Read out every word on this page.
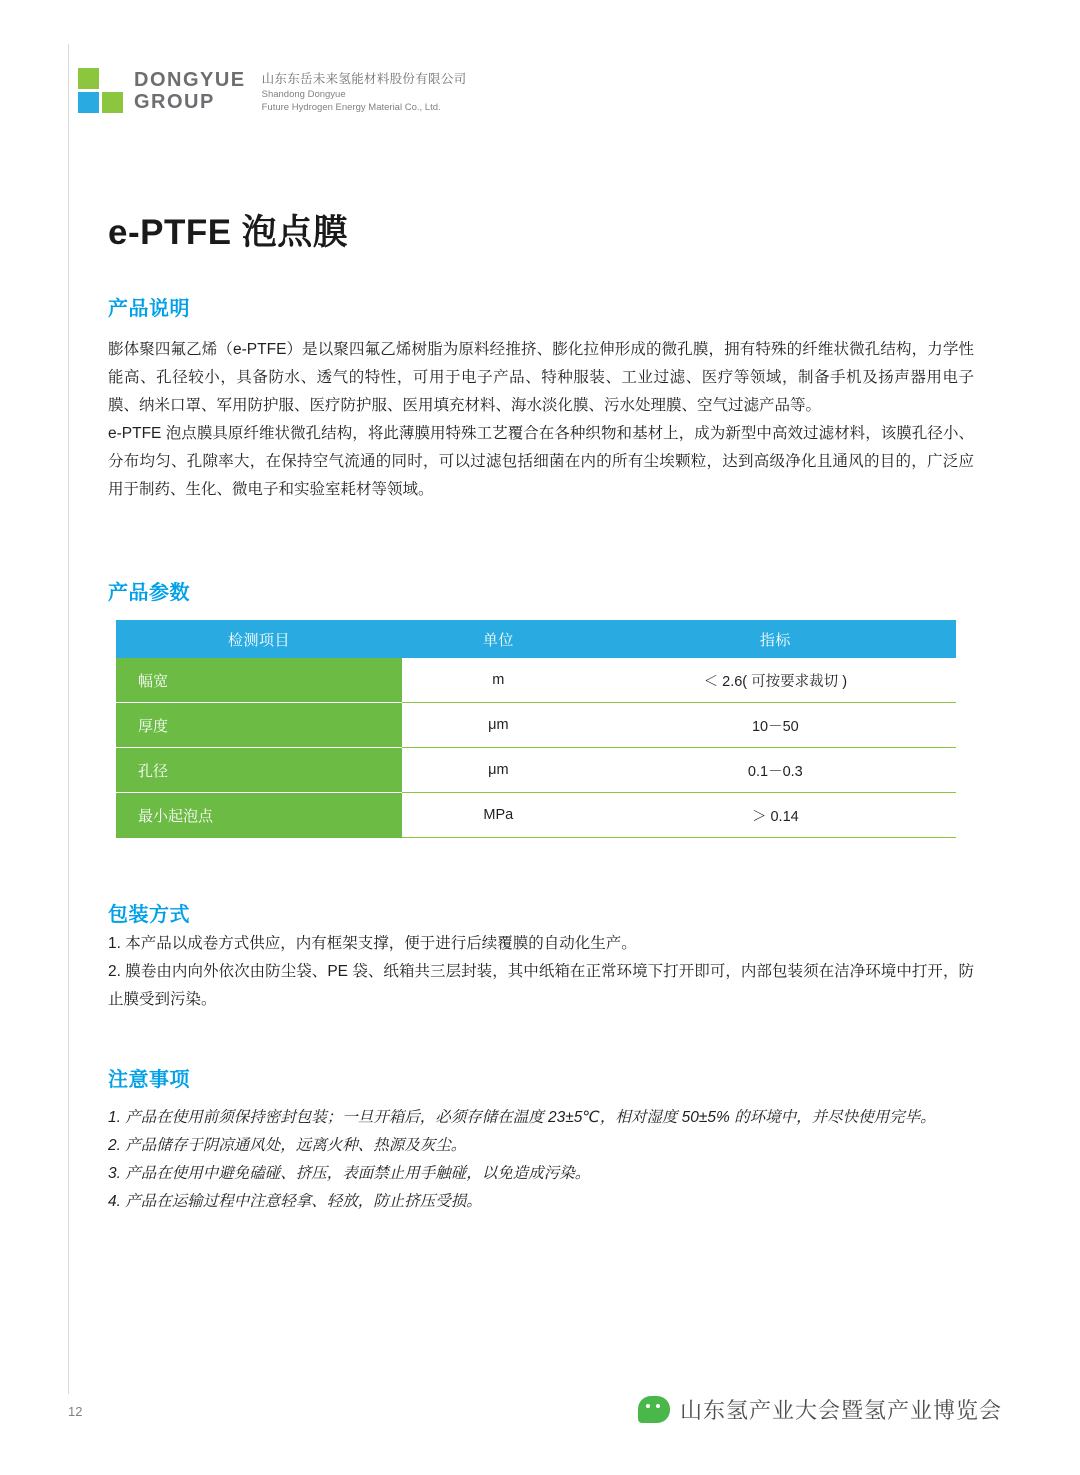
DONGYUE
GROUP
山东东岳未来氢能材料股份有限公司
Shandong Dongyue
Future Hydrogen Energy Material Co., Ltd.
e-PTFE 泡点膜
产品说明
膨体聚四氟乙烯（e-PTFE）是以聚四氟乙烯树脂为原料经推挤、膨化拉伸形成的微孔膜，拥有特殊的纤维状微孔结构，力学性能高、孔径较小，具备防水、透气的特性，可用于电子产品、特种服装、工业过滤、医疗等领域，制备手机及扬声器用电子膜、纳米口罩、军用防护服、医疗防护服、医用填充材料、海水淡化膜、污水处理膜、空气过滤产品等。
e-PTFE 泡点膜具原纤维状微孔结构，将此薄膜用特殊工艺覆合在各种织物和基材上，成为新型中高效过滤材料，该膜孔径小、分布均匀、孔隙率大，在保持空气流通的同时，可以过滤包括细菌在内的所有尘埃颗粒，达到高级净化且通风的目的，广泛应用于制药、生化、微电子和实验室耗材等领域。
产品参数
检测项目	单位	指标
幅宽	m	＜ 2.6( 可按要求裁切 )
厚度	μm	10－50
孔径	μm	0.1－0.3
最小起泡点	MPa	＞ 0.14
包装方式
1. 本产品以成卷方式供应，内有框架支撑，便于进行后续覆膜的自动化生产。
2. 膜卷由内向外依次由防尘袋、PE 袋、纸箱共三层封装，其中纸箱在正常环境下打开即可，内部包装须在洁净环境中打开，防止膜受到污染。
注意事项
1. 产品在使用前须保持密封包装；一旦开箱后，必须存储在温度 23±5℃，相对湿度 50±5% 的环境中，并尽快使用完毕。
2. 产品储存于阴凉通风处，远离火种、热源及灰尘。
3. 产品在使用中避免磕碰、挤压，表面禁止用手触碰，以免造成污染。
4. 产品在运输过程中注意轻拿、轻放，防止挤压受损。
12	山东氢产业大会暨氢产业博览会
